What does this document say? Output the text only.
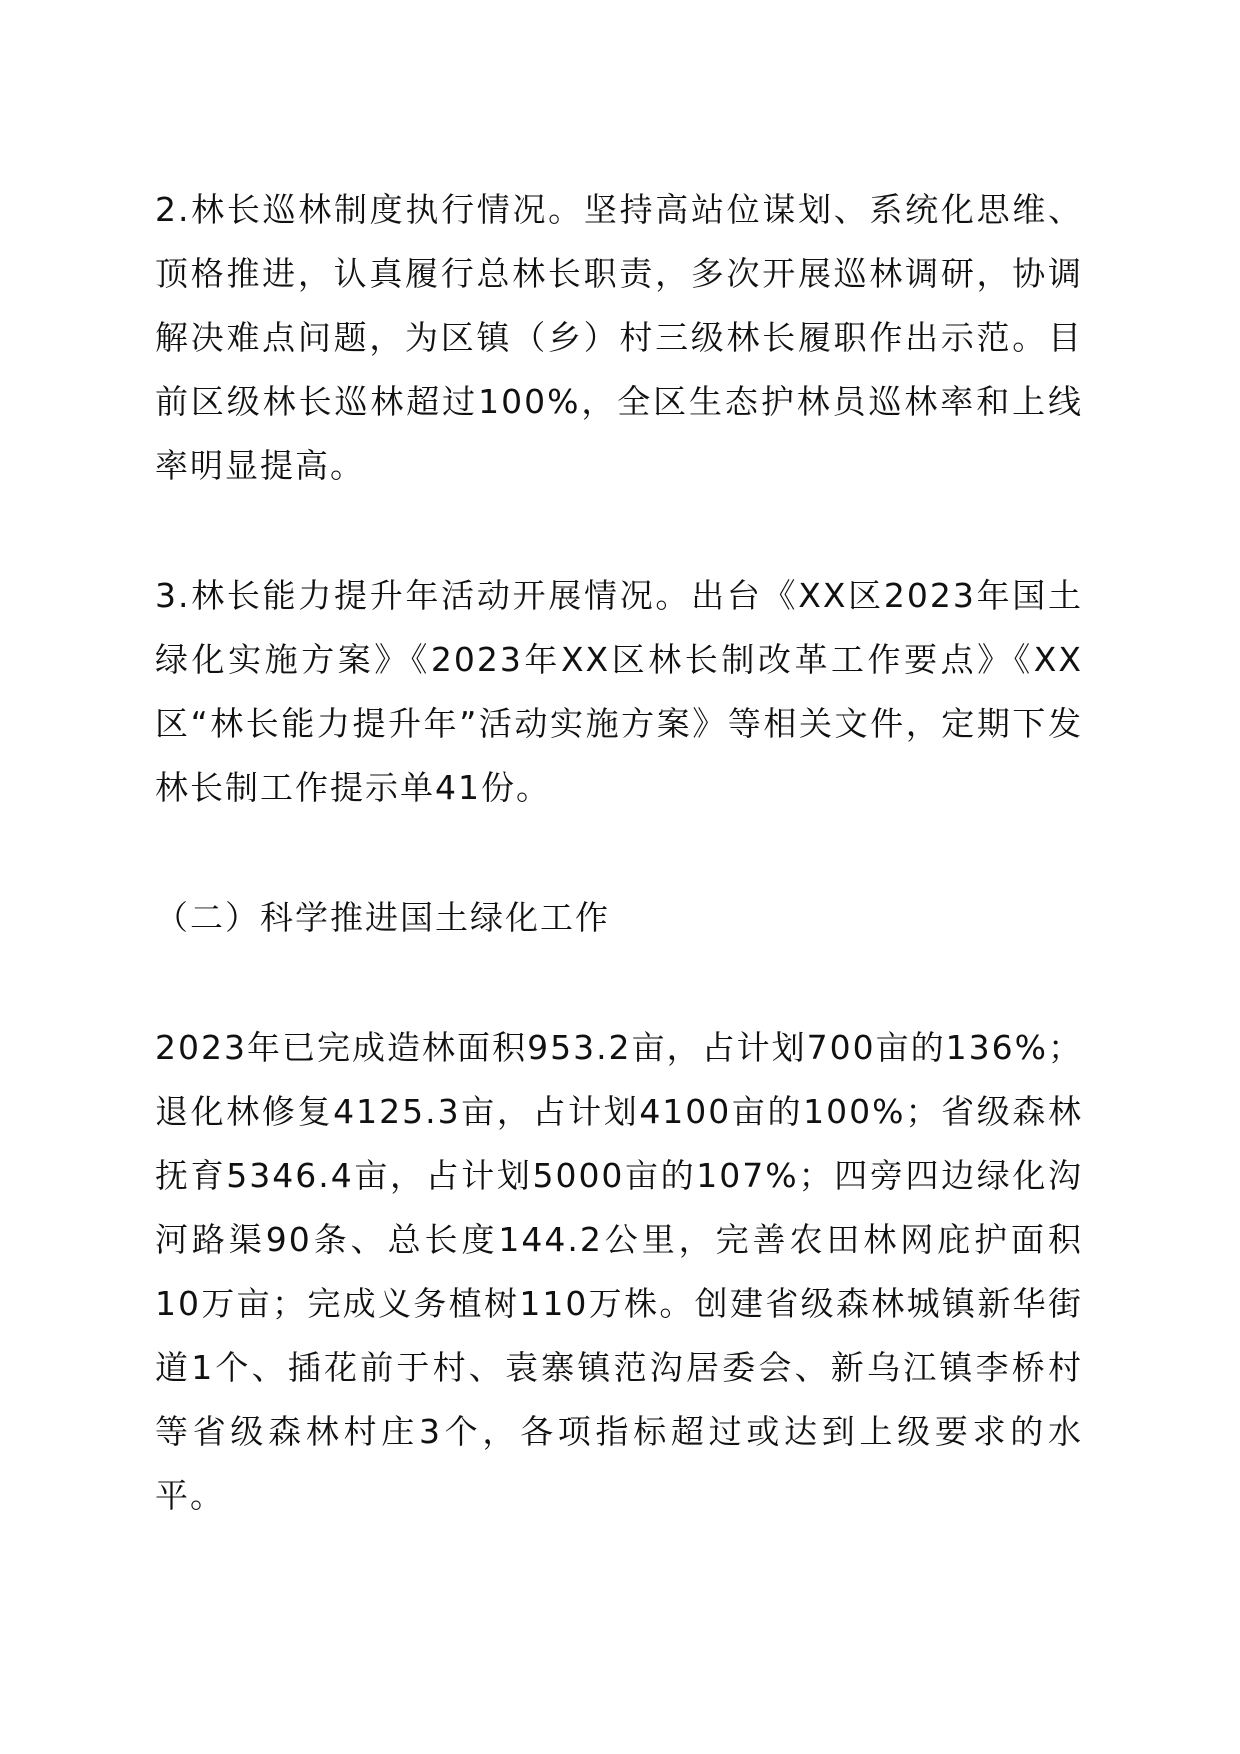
2.林长巡林制度执行情况。坚持高站位谋划、系统化思维、顶格推进，认真履行总林长职责，多次开展巡林调研，协调解决难点问题，为区镇（乡）村三级林长履职作出示范。目前区级林长巡林超过100%，全区生态护林员巡林率和上线率明显提高。

3.林长能力提升年活动开展情况。出台《XX区2023年国土绿化实施方案》《2023年XX区林长制改革工作要点》《XX区“林长能力提升年”活动实施方案》等相关文件，定期下发林长制工作提示单41份。

（二）科学推进国土绿化工作

2023年已完成造林面积953.2亩，占计划700亩的136%；退化林修复4125.3亩，占计划4100亩的100%；省级森林抚育5346.4亩，占计划5000亩的107%；四旁四边绿化沟河路渠90条、总长度144.2公里，完善农田林网庇护面积10万亩；完成义务植树110万株。创建省级森林城镇新华街道1个、插花前于村、袁寨镇范沟居委会、新乌江镇李桥村等省级森林村庄3个，各项指标超过或达到上级要求的水平。
